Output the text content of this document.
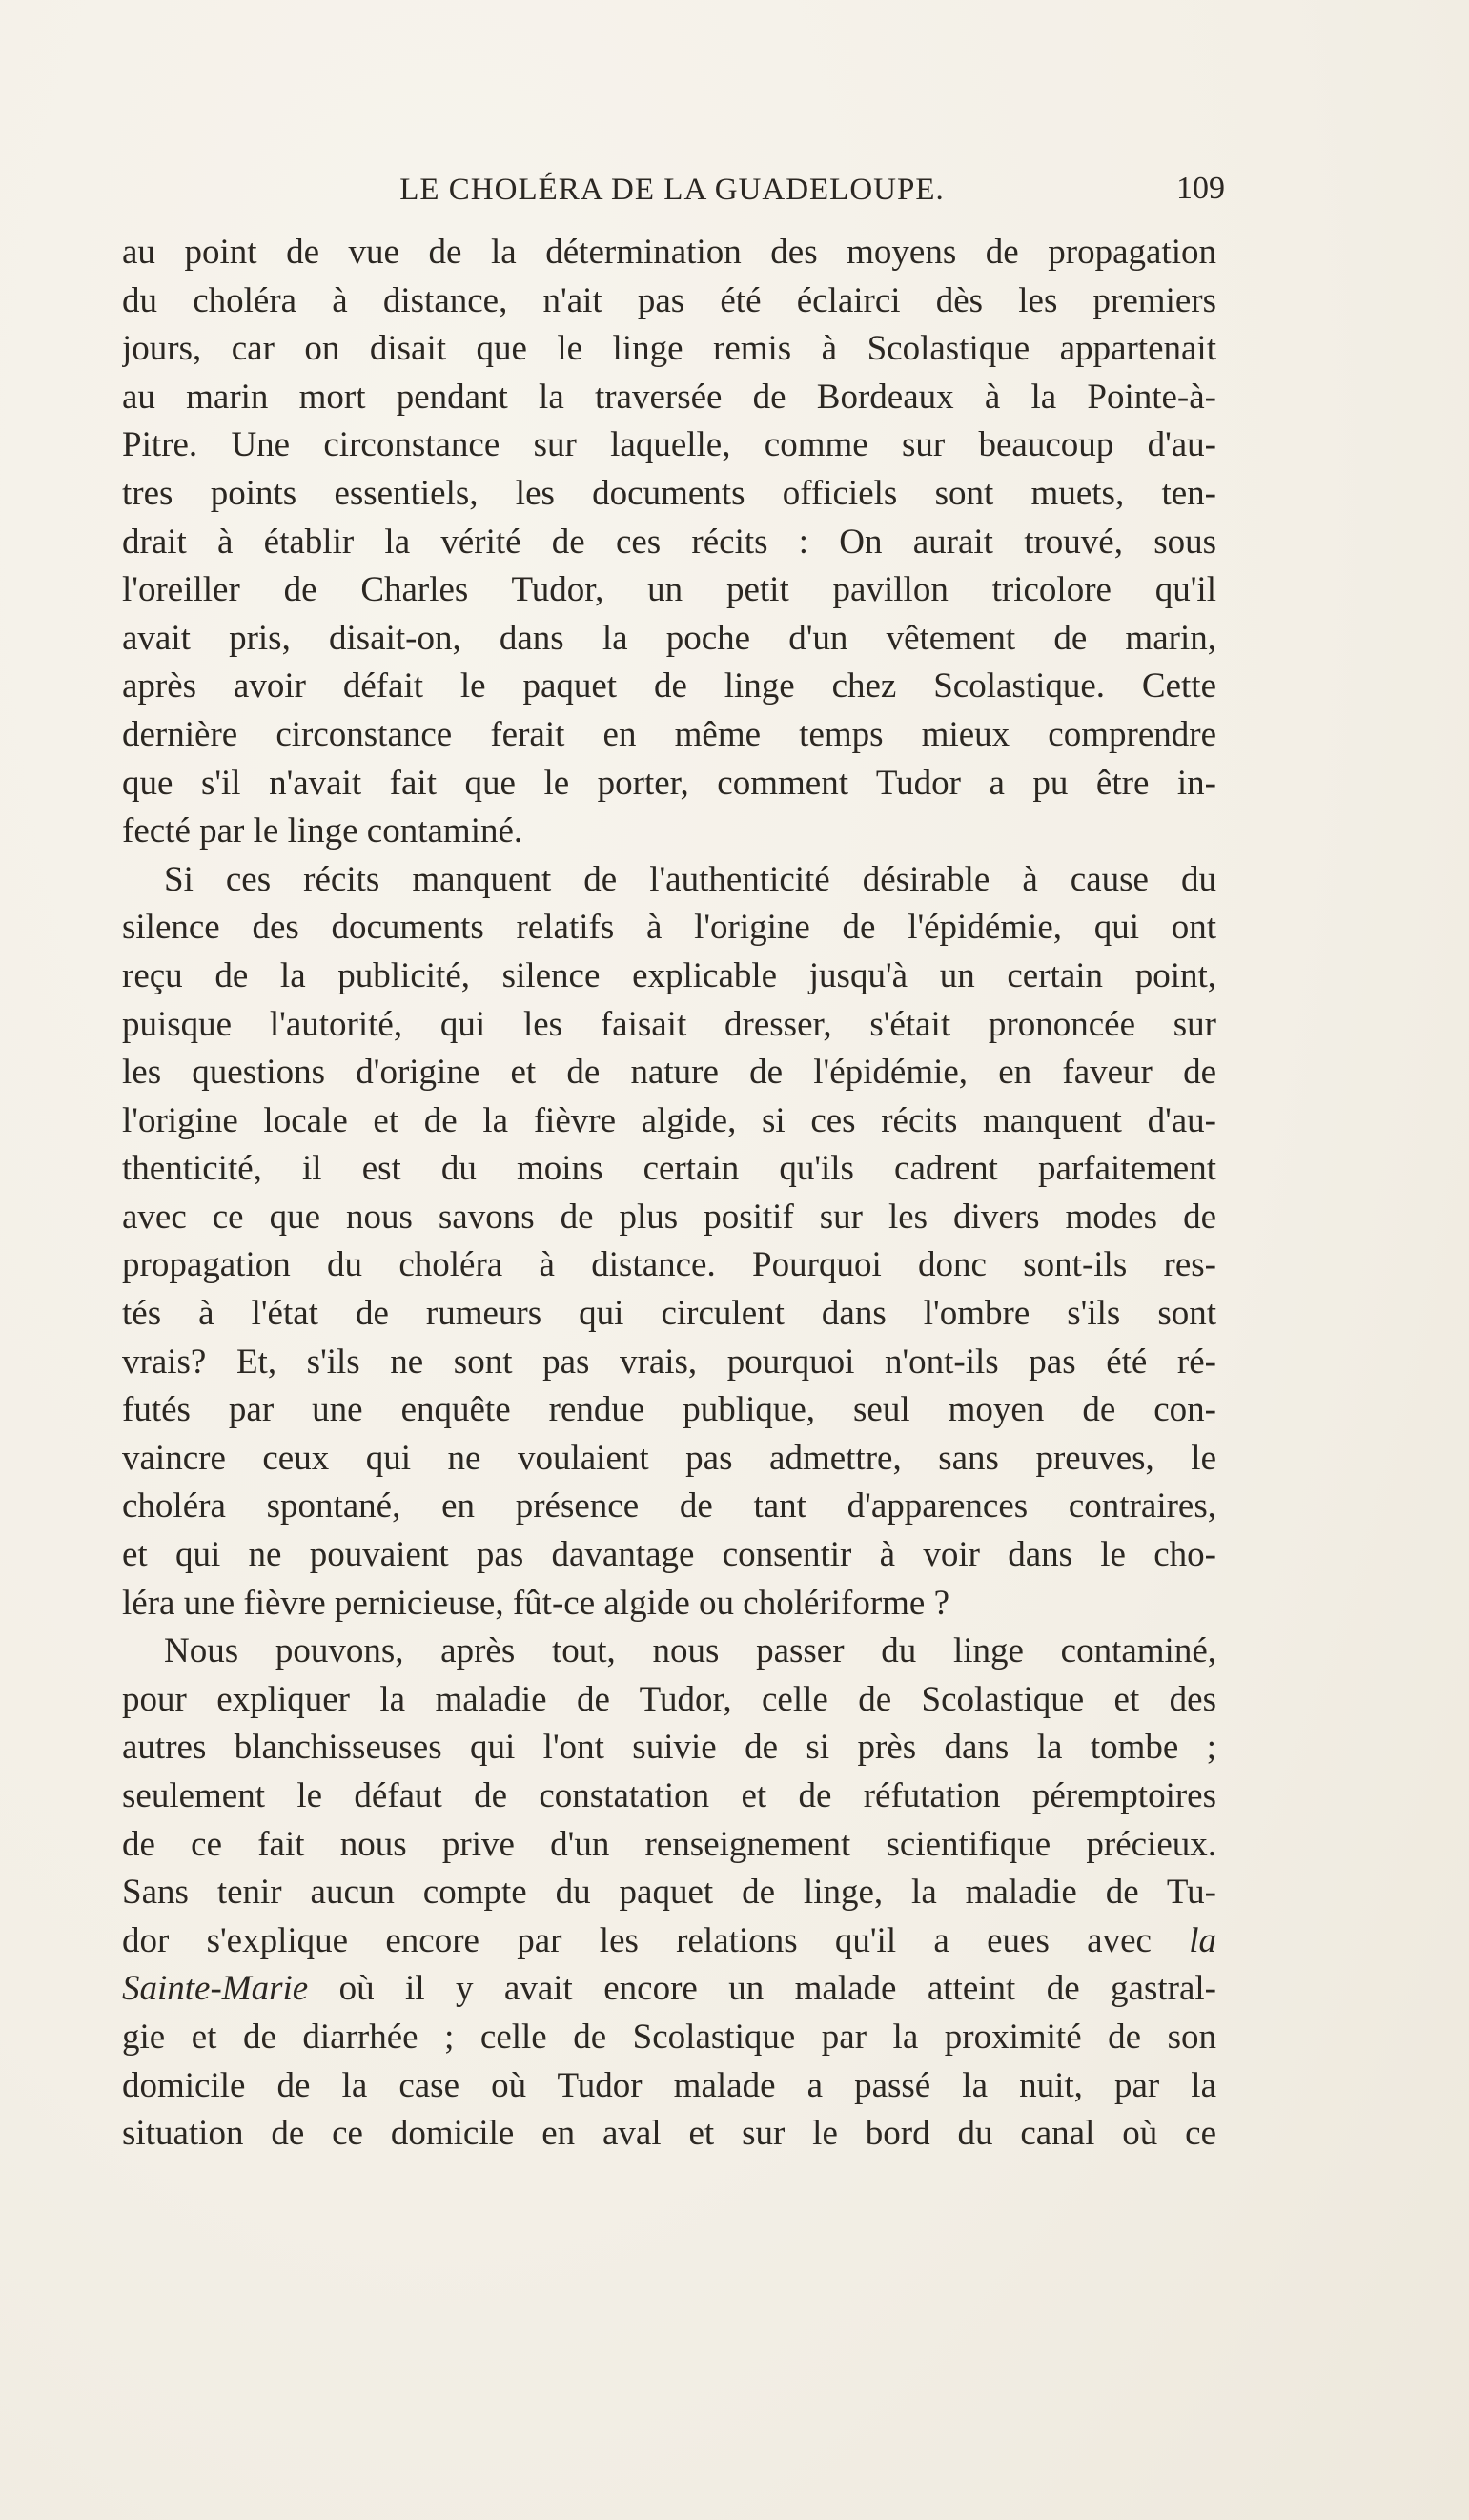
LE CHOLÉRA DE LA GUADELOUPE.	109
au point de vue de la détermination des moyens de propagation
du choléra à distance, n'ait pas été éclairci dès les premiers
jours, car on disait que le linge remis à Scolastique appartenait
au marin mort pendant la traversée de Bordeaux à la Pointe-à-
Pitre. Une circonstance sur laquelle, comme sur beaucoup d'au-
tres points essentiels, les documents officiels sont muets, ten-
drait à établir la vérité de ces récits : On aurait trouvé, sous
l'oreiller de Charles Tudor, un petit pavillon tricolore qu'il
avait pris, disait-on, dans la poche d'un vêtement de marin,
après avoir défait le paquet de linge chez Scolastique. Cette
dernière circonstance ferait en même temps mieux comprendre
que s'il n'avait fait que le porter, comment Tudor a pu être in-
fecté par le linge contaminé.
Si ces récits manquent de l'authenticité désirable à cause du
silence des documents relatifs à l'origine de l'épidémie, qui ont
reçu de la publicité, silence explicable jusqu'à un certain point,
puisque l'autorité, qui les faisait dresser, s'était prononcée sur
les questions d'origine et de nature de l'épidémie, en faveur de
l'origine locale et de la fièvre algide, si ces récits manquent d'au-
thenticité, il est du moins certain qu'ils cadrent parfaitement
avec ce que nous savons de plus positif sur les divers modes de
propagation du choléra à distance. Pourquoi donc sont-ils res-
tés à l'état de rumeurs qui circulent dans l'ombre s'ils sont
vrais? Et, s'ils ne sont pas vrais, pourquoi n'ont-ils pas été ré-
futés par une enquête rendue publique, seul moyen de con-
vaincre ceux qui ne voulaient pas admettre, sans preuves, le
choléra spontané, en présence de tant d'apparences contraires,
et qui ne pouvaient pas davantage consentir à voir dans le cho-
léra une fièvre pernicieuse, fût-ce algide ou cholériforme ?
Nous pouvons, après tout, nous passer du linge contaminé,
pour expliquer la maladie de Tudor, celle de Scolastique et des
autres blanchisseuses qui l'ont suivie de si près dans la tombe ;
seulement le défaut de constatation et de réfutation péremptoires
de ce fait nous prive d'un renseignement scientifique précieux.
Sans tenir aucun compte du paquet de linge, la maladie de Tu-
dor s'explique encore par les relations qu'il a eues avec la
Sainte-Marie où il y avait encore un malade atteint de gastral-
gie et de diarrhée ; celle de Scolastique par la proximité de son
domicile de la case où Tudor malade a passé la nuit, par la
situation de ce domicile en aval et sur le bord du canal où ce
